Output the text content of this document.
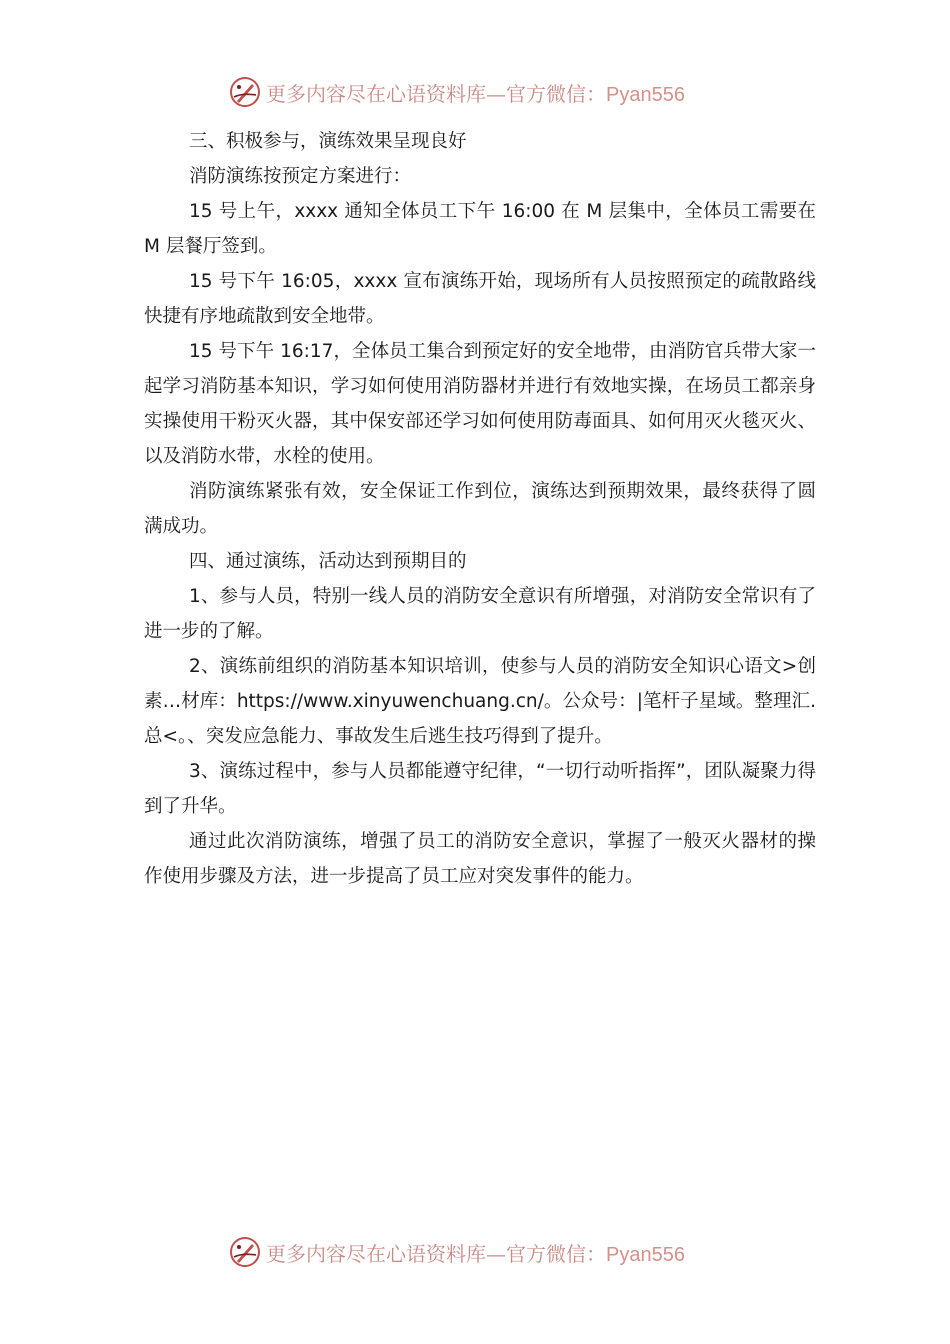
更多内容尽在心语资料库—官方微信：Pyan556

三、积极参与，演练效果呈现良好

消防演练按预定方案进行：

15 号上午，xxxx 通知全体员工下午 16:00 在 M 层集中，全体员工需要在 M 层餐厅签到。

15 号下午 16:05，xxxx 宣布演练开始，现场所有人员按照预定的疏散路线快捷有序地疏散到安全地带。

15 号下午 16:17，全体员工集合到预定好的安全地带，由消防官兵带大家一起学习消防基本知识，学习如何使用消防器材并进行有效地实操，在场员工都亲身实操使用干粉灭火器，其中保安部还学习如何使用防毒面具、如何用灭火毯灭火、以及消防水带，水栓的使用。

消防演练紧张有效，安全保证工作到位，演练达到预期效果，最终获得了圆满成功。

四、通过演练，活动达到预期目的

1、参与人员，特别一线人员的消防安全意识有所增强，对消防安全常识有了进一步的了解。

2、演练前组织的消防基本知识培训，使参与人员的消防安全知识心语文>创素…材库：https://www.xinyuwenchuang.cn/。公众号：|笔杆子星域。整理汇.总<。、突发应急能力、事故发生后逃生技巧得到了提升。

3、演练过程中，参与人员都能遵守纪律，“一切行动听指挥”，团队凝聚力得到了升华。

通过此次消防演练，增强了员工的消防安全意识，掌握了一般灭火器材的操作使用步骤及方法，进一步提高了员工应对突发事件的能力。

更多内容尽在心语资料库—官方微信：Pyan556
